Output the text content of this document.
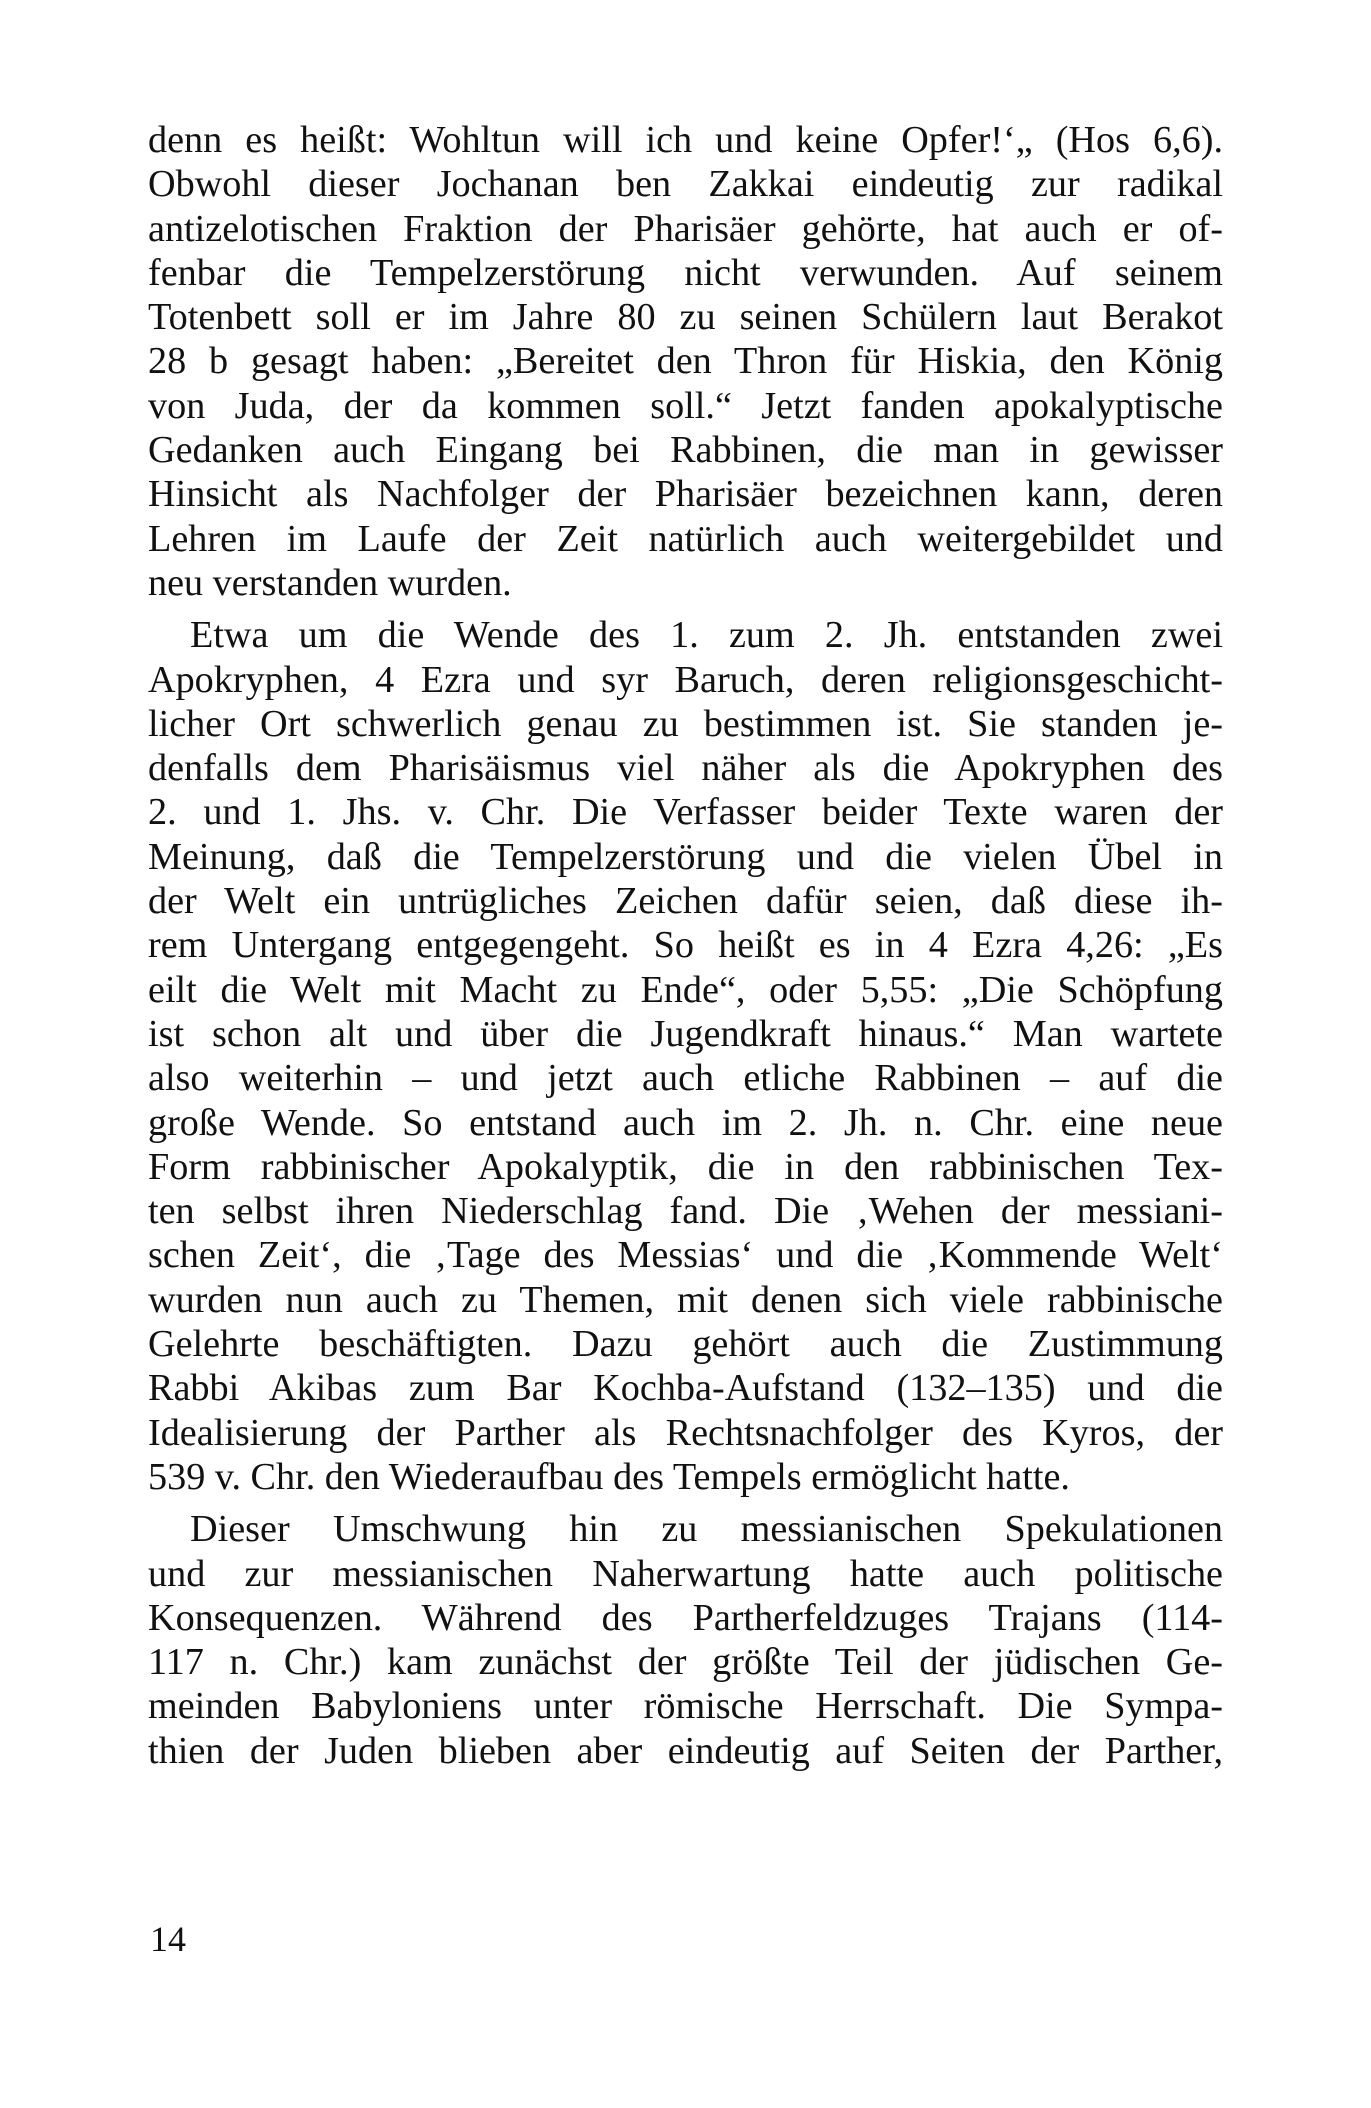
denn es heißt: Wohltun will ich und keine Opfer!‘„ (Hos 6,6).
Obwohl dieser Jochanan ben Zakkai eindeutig zur radikal
antizelotischen Fraktion der Pharisäer gehörte, hat auch er of-
fenbar die Tempelzerstörung nicht verwunden. Auf seinem
Totenbett soll er im Jahre 80 zu seinen Schülern laut Berakot
28 b gesagt haben: „Bereitet den Thron für Hiskia, den König
von Juda, der da kommen soll.“ Jetzt fanden apokalyptische
Gedanken auch Eingang bei Rabbinen, die man in gewisser
Hinsicht als Nachfolger der Pharisäer bezeichnen kann, deren
Lehren im Laufe der Zeit natürlich auch weitergebildet und
neu verstanden wurden.
Etwa um die Wende des 1. zum 2. Jh. entstanden zwei
Apokryphen, 4 Ezra und syr Baruch, deren religionsgeschicht-
licher Ort schwerlich genau zu bestimmen ist. Sie standen je-
denfalls dem Pharisäismus viel näher als die Apokryphen des
2. und 1. Jhs. v. Chr. Die Verfasser beider Texte waren der
Meinung, daß die Tempelzerstörung und die vielen Übel in
der Welt ein untrügliches Zeichen dafür seien, daß diese ih-
rem Untergang entgegengeht. So heißt es in 4 Ezra 4,26: „Es
eilt die Welt mit Macht zu Ende“, oder 5,55: „Die Schöpfung
ist schon alt und über die Jugendkraft hinaus.“ Man wartete
also weiterhin – und jetzt auch etliche Rabbinen – auf die
große Wende. So entstand auch im 2. Jh. n. Chr. eine neue
Form rabbinischer Apokalyptik, die in den rabbinischen Tex-
ten selbst ihren Niederschlag fand. Die ‚Wehen der messiani-
schen Zeit‘, die ‚Tage des Messias‘ und die ‚Kommende Welt‘
wurden nun auch zu Themen, mit denen sich viele rabbinische
Gelehrte beschäftigten. Dazu gehört auch die Zustimmung
Rabbi Akibas zum Bar Kochba-Aufstand (132–135) und die
Idealisierung der Parther als Rechtsnachfolger des Kyros, der
539 v. Chr. den Wiederaufbau des Tempels ermöglicht hatte.
Dieser Umschwung hin zu messianischen Spekulationen
und zur messianischen Naherwartung hatte auch politische
Konsequenzen. Während des Partherfeldzuges Trajans (114-
117 n. Chr.) kam zunächst der größte Teil der jüdischen Ge-
meinden Babyloniens unter römische Herrschaft. Die Sympa-
thien der Juden blieben aber eindeutig auf Seiten der Parther,
14
